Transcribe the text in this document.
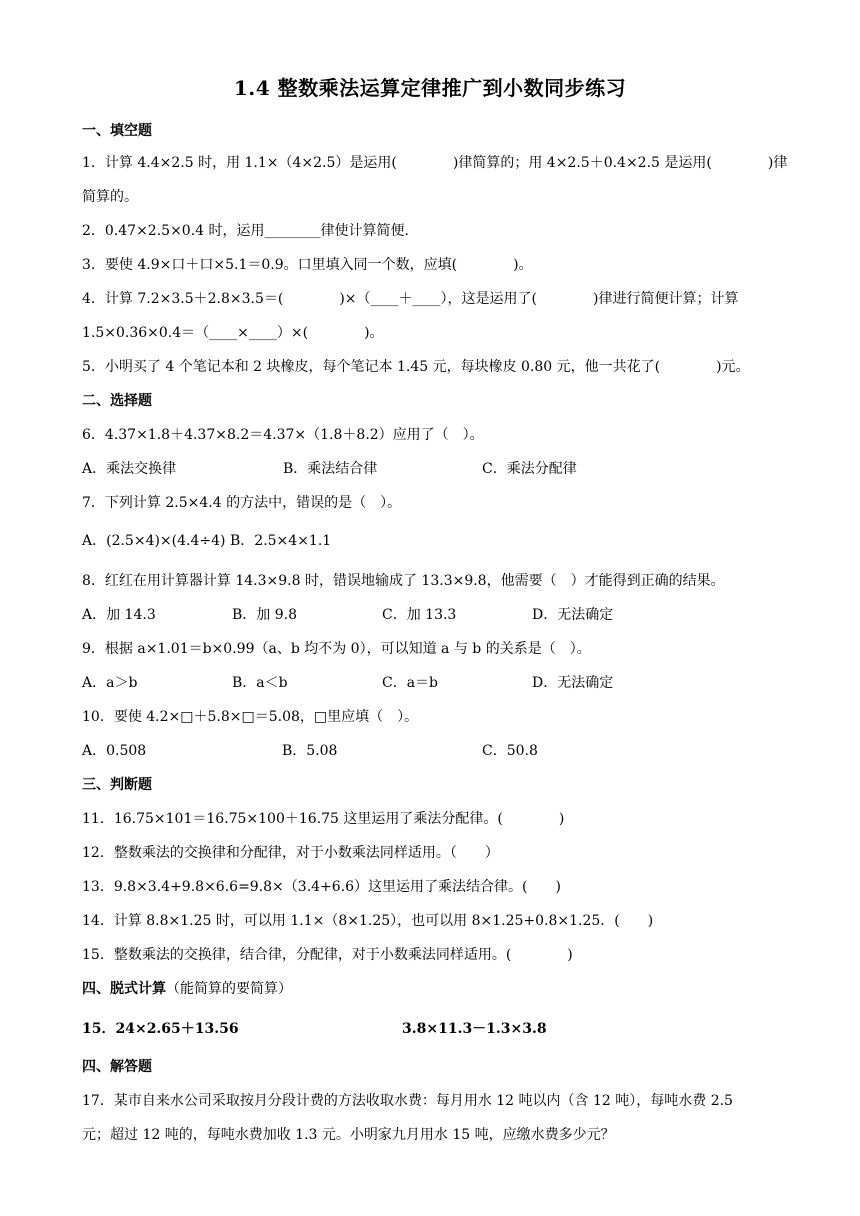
1.4 整数乘法运算定律推广到小数同步练习
一、填空题
1．计算 4.4×2.5 时，用 1.1×（4×2.5）是运用(　　　　)律简算的；用 4×2.5＋0.4×2.5 是运用(　　　　)律
简算的。
2．0.47×2.5×0.4 时，运用________律使计算简便.
3．要使 4.9×口＋口×5.1＝0.9。口里填入同一个数，应填(　　　　)。
4．计算 7.2×3.5＋2.8×3.5＝(　　　　)×（____＋____），这是运用了(　　　　)律进行简便计算；计算
1.5×0.36×0.4＝（____×____）×(　　　　)。
5．小明买了 4 个笔记本和 2 块橡皮，每个笔记本 1.45 元，每块橡皮 0.80 元，他一共花了(　　　　)元。
二、选择题
6．4.37×1.8＋4.37×8.2＝4.37×（1.8＋8.2）应用了（　）。
A．乘法交换律	B．乘法结合律	C．乘法分配律
7．下列计算 2.5×4.4 的方法中，错误的是（　）。
A．(2.5×4)×(4.4÷4) B．2.5×4×1.1
8．红红在用计算器计算 14.3×9.8 时，错误地输成了 13.3×9.8，他需要（　）才能得到正确的结果。
A．加 14.3	B．加 9.8	C．加 13.3	D．无法确定
9．根据 a×1.01＝b×0.99（a、b 均不为 0），可以知道 a 与 b 的关系是（　）。
A．a＞b	B．a＜b	C．a＝b	D．无法确定
10．要使 4.2×□＋5.8×□＝5.08，□里应填（　）。
A．0.508	B．5.08	C．50.8
三、判断题
11．16.75×101＝16.75×100＋16.75 这里运用了乘法分配律。(　　　　)
12．整数乘法的交换律和分配律，对于小数乘法同样适用。（　　）
13．9.8×3.4+9.8×6.6=9.8×（3.4+6.6）这里运用了乘法结合律。(　　)
14．计算 8.8×1.25 时，可以用 1.1×（8×1.25），也可以用 8×1.25+0.8×1.25．(　　)
15．整数乘法的交换律，结合律，分配律，对于小数乘法同样适用。(　　　　)
四、脱式计算（能简算的要简算）
15．24×2.65＋13.56	3.8×11.3－1.3×3.8
四、解答题
17．某市自来水公司采取按月分段计费的方法收取水费：每月用水 12 吨以内（含 12 吨），每吨水费 2.5
元；超过 12 吨的，每吨水费加收 1.3 元。小明家九月用水 15 吨，应缴水费多少元？
